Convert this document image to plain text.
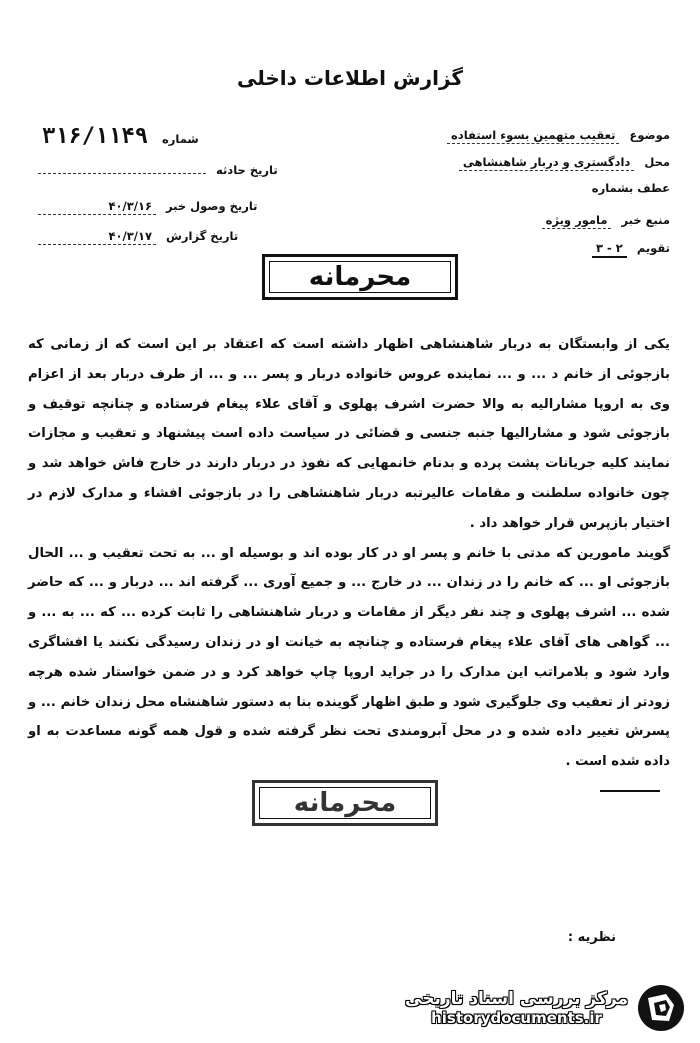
گزارش اطلاعات داخلی
شماره ۳۱۶/۱۱۴۹
تاریخ حادثه
تاریخ وصول خبر ۴۰/۳/۱۶
تاریخ گزارش ۴۰/۳/۱۷
موضوع تعقیب متهمین بسوء استفاده
محل دادگستری و دربار شاهنشاهی
عطف بشماره
منبع خبر مامور ویژه
تقویم ۲ - ۳
محرمانه

یکی از وابستگان به دربار شاهنشاهی اظهار داشته است که اعتقاد بر این است که از زمانی که بازجوئی از خانم د ... و ... نماینده عروس خانواده دربار و پسر ... و ... از طرف دربار بعد از اعزام وی به اروپا مشاراليه به والا حضرت اشرف پهلوی و آقای علاء پیغام فرستاده و چنانچه توقیف و بازجوئی شود و مشاراليها جنبه جنسی و قضائی در سیاست داده است پیشنهاد و تعقیب و مجازات نمایند کلیه جریانات پشت پرده و بدنام خانمهایی که نفوذ در دربار دارند در خارج فاش خواهد شد و چون خانواده سلطنت و مقامات عالیرتبه دربار شاهنشاهی را در بازجوئی افشاء و مدارک لازم در اختیار بازپرس قرار خواهد داد .

گویند مامورین که مدتی با خانم و پسر او در کار بوده اند و بوسیله او ... به تحت تعقیب و ... الحال بازجوئی او ... که خانم را در زندان ... در خارج ... و جمیع آوری ... گرفته اند ... دربار و ... که حاضر شده ... اشرف پهلوی و چند نفر دیگر از مقامات و دربار شاهنشاهی را ثابت کرده ... که ... به ... و ... گواهی های آقای علاء پیغام فرستاده و چنانچه به خیانت او در زندان رسیدگی نکنند یا افشاگری وارد شود و بلامراتب این مدارک را در جراید اروپا چاپ خواهد کرد و در ضمن خواستار شده هرچه زودتر از تعقیب وی جلوگیری شود و طبق اظهار گوینده بنا به دستور شاهنشاه محل زندان خانم ... و پسرش تغییر داده شده و در محل آبرومندی تحت نظر گرفته شده و قول همه گونه مساعدت به او داده شده است .

محرمانه
نظریه :
مرکز بررسی اسناد تاریخی
historydocuments.ir
